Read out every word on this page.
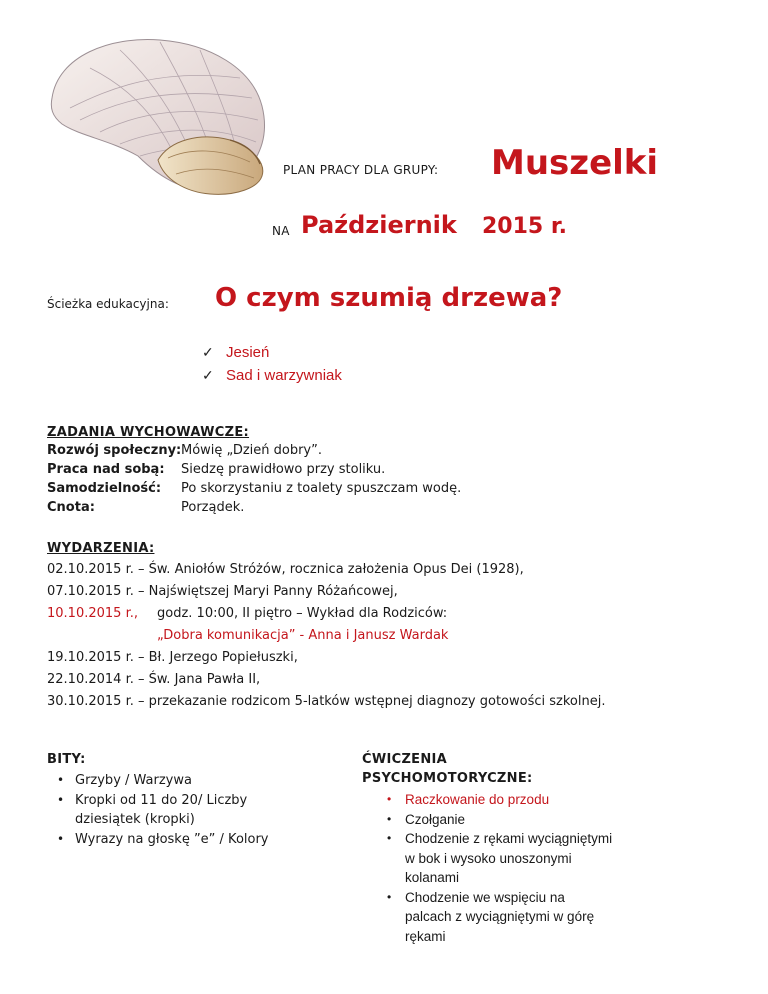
PLAN PRACY DLA GRUPY: Muszelki
NA Październik 2015 r.
Ścieżka edukacyjna: O czym szumią drzewa?
✓ Jesień
✓ Sad i warzywniak
ZADANIA WYCHOWAWCZE:
Rozwój społeczny:Mówię „Dzień dobry”.
Praca nad sobą: Siedzę prawidłowo przy stoliku.
Samodzielność: Po skorzystaniu z toalety spuszczam wodę.
Cnota:	Porządek.
WYDARZENIA:
02.10.2015 r. – Św. Aniołów Stróżów, rocznica założenia Opus Dei (1928),
07.10.2015 r. – Najświętszej Maryi Panny Różańcowej,
10.10.2015 r., godz. 10:00, II piętro – Wykład dla Rodziców:
„Dobra komunikacja” - Anna i Janusz Wardak
19.10.2015 r. – Bł. Jerzego Popiełuszki,
22.10.2014 r. – Św. Jana Pawła II,
30.10.2015 r. – przekazanie rodzicom 5-latków wstępnej diagnozy gotowości szkolnej.
BITY:
• Grzyby / Warzywa
• Kropki od 11 do 20/ Liczby dziesiątek (kropki)
• Wyrazy na głoskę ”e” / Kolory
ĆWICZENIA
PSYCHOMOTORYCZNE:
• Raczkowanie do przodu
• Czołganie
• Chodzenie z rękami wyciągniętymi w bok i wysoko unoszonymi kolanami
• Chodzenie we wspięciu na palcach z wyciągniętymi w górę rękami
